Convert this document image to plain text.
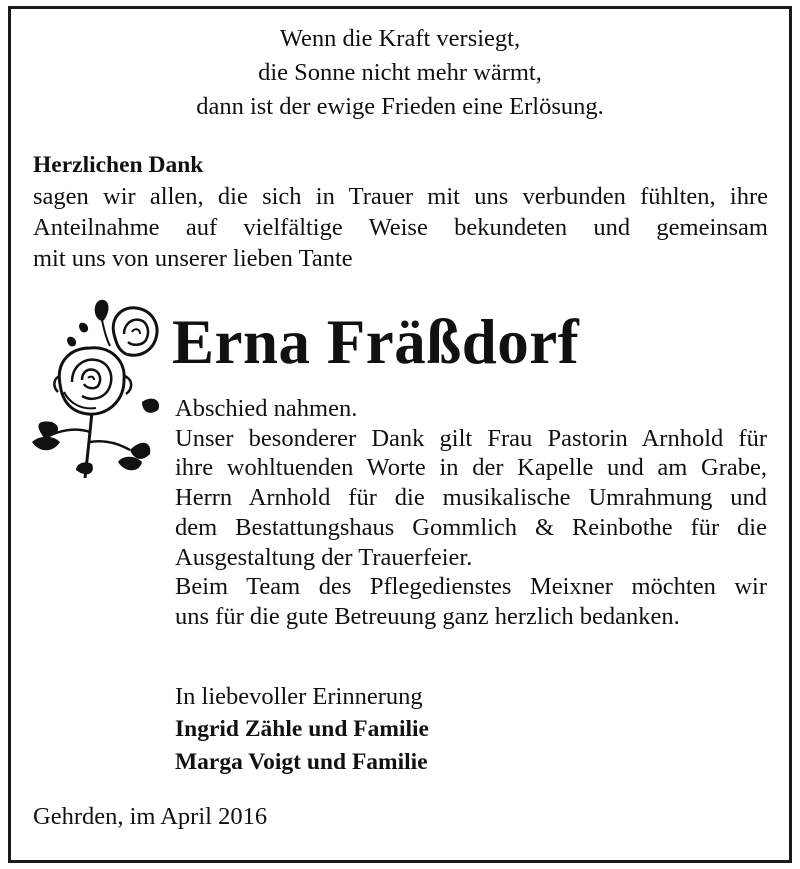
Wenn die Kraft versiegt,
die Sonne nicht mehr wärmt,
dann ist der ewige Frieden eine Erlösung.
Herzlichen Dank
sagen wir allen, die sich in Trauer mit uns verbunden fühlten, ihre
Anteilnahme auf vielfältige Weise bekundeten und gemeinsam
mit uns von unserer lieben Tante
Erna Fräßdorf
Abschied nahmen.
Unser besonderer Dank gilt Frau Pastorin Arnhold für
ihre wohltuenden Worte in der Kapelle und am Grabe,
Herrn Arnhold für die musikalische Umrahmung und
dem Bestattungshaus Gommlich & Reinbothe für die
Ausgestaltung der Trauerfeier.
Beim Team des Pflegedienstes Meixner möchten wir
uns für die gute Betreuung ganz herzlich bedanken.
In liebevoller Erinnerung
Ingrid Zähle und Familie
Marga Voigt und Familie
Gehrden, im April 2016
